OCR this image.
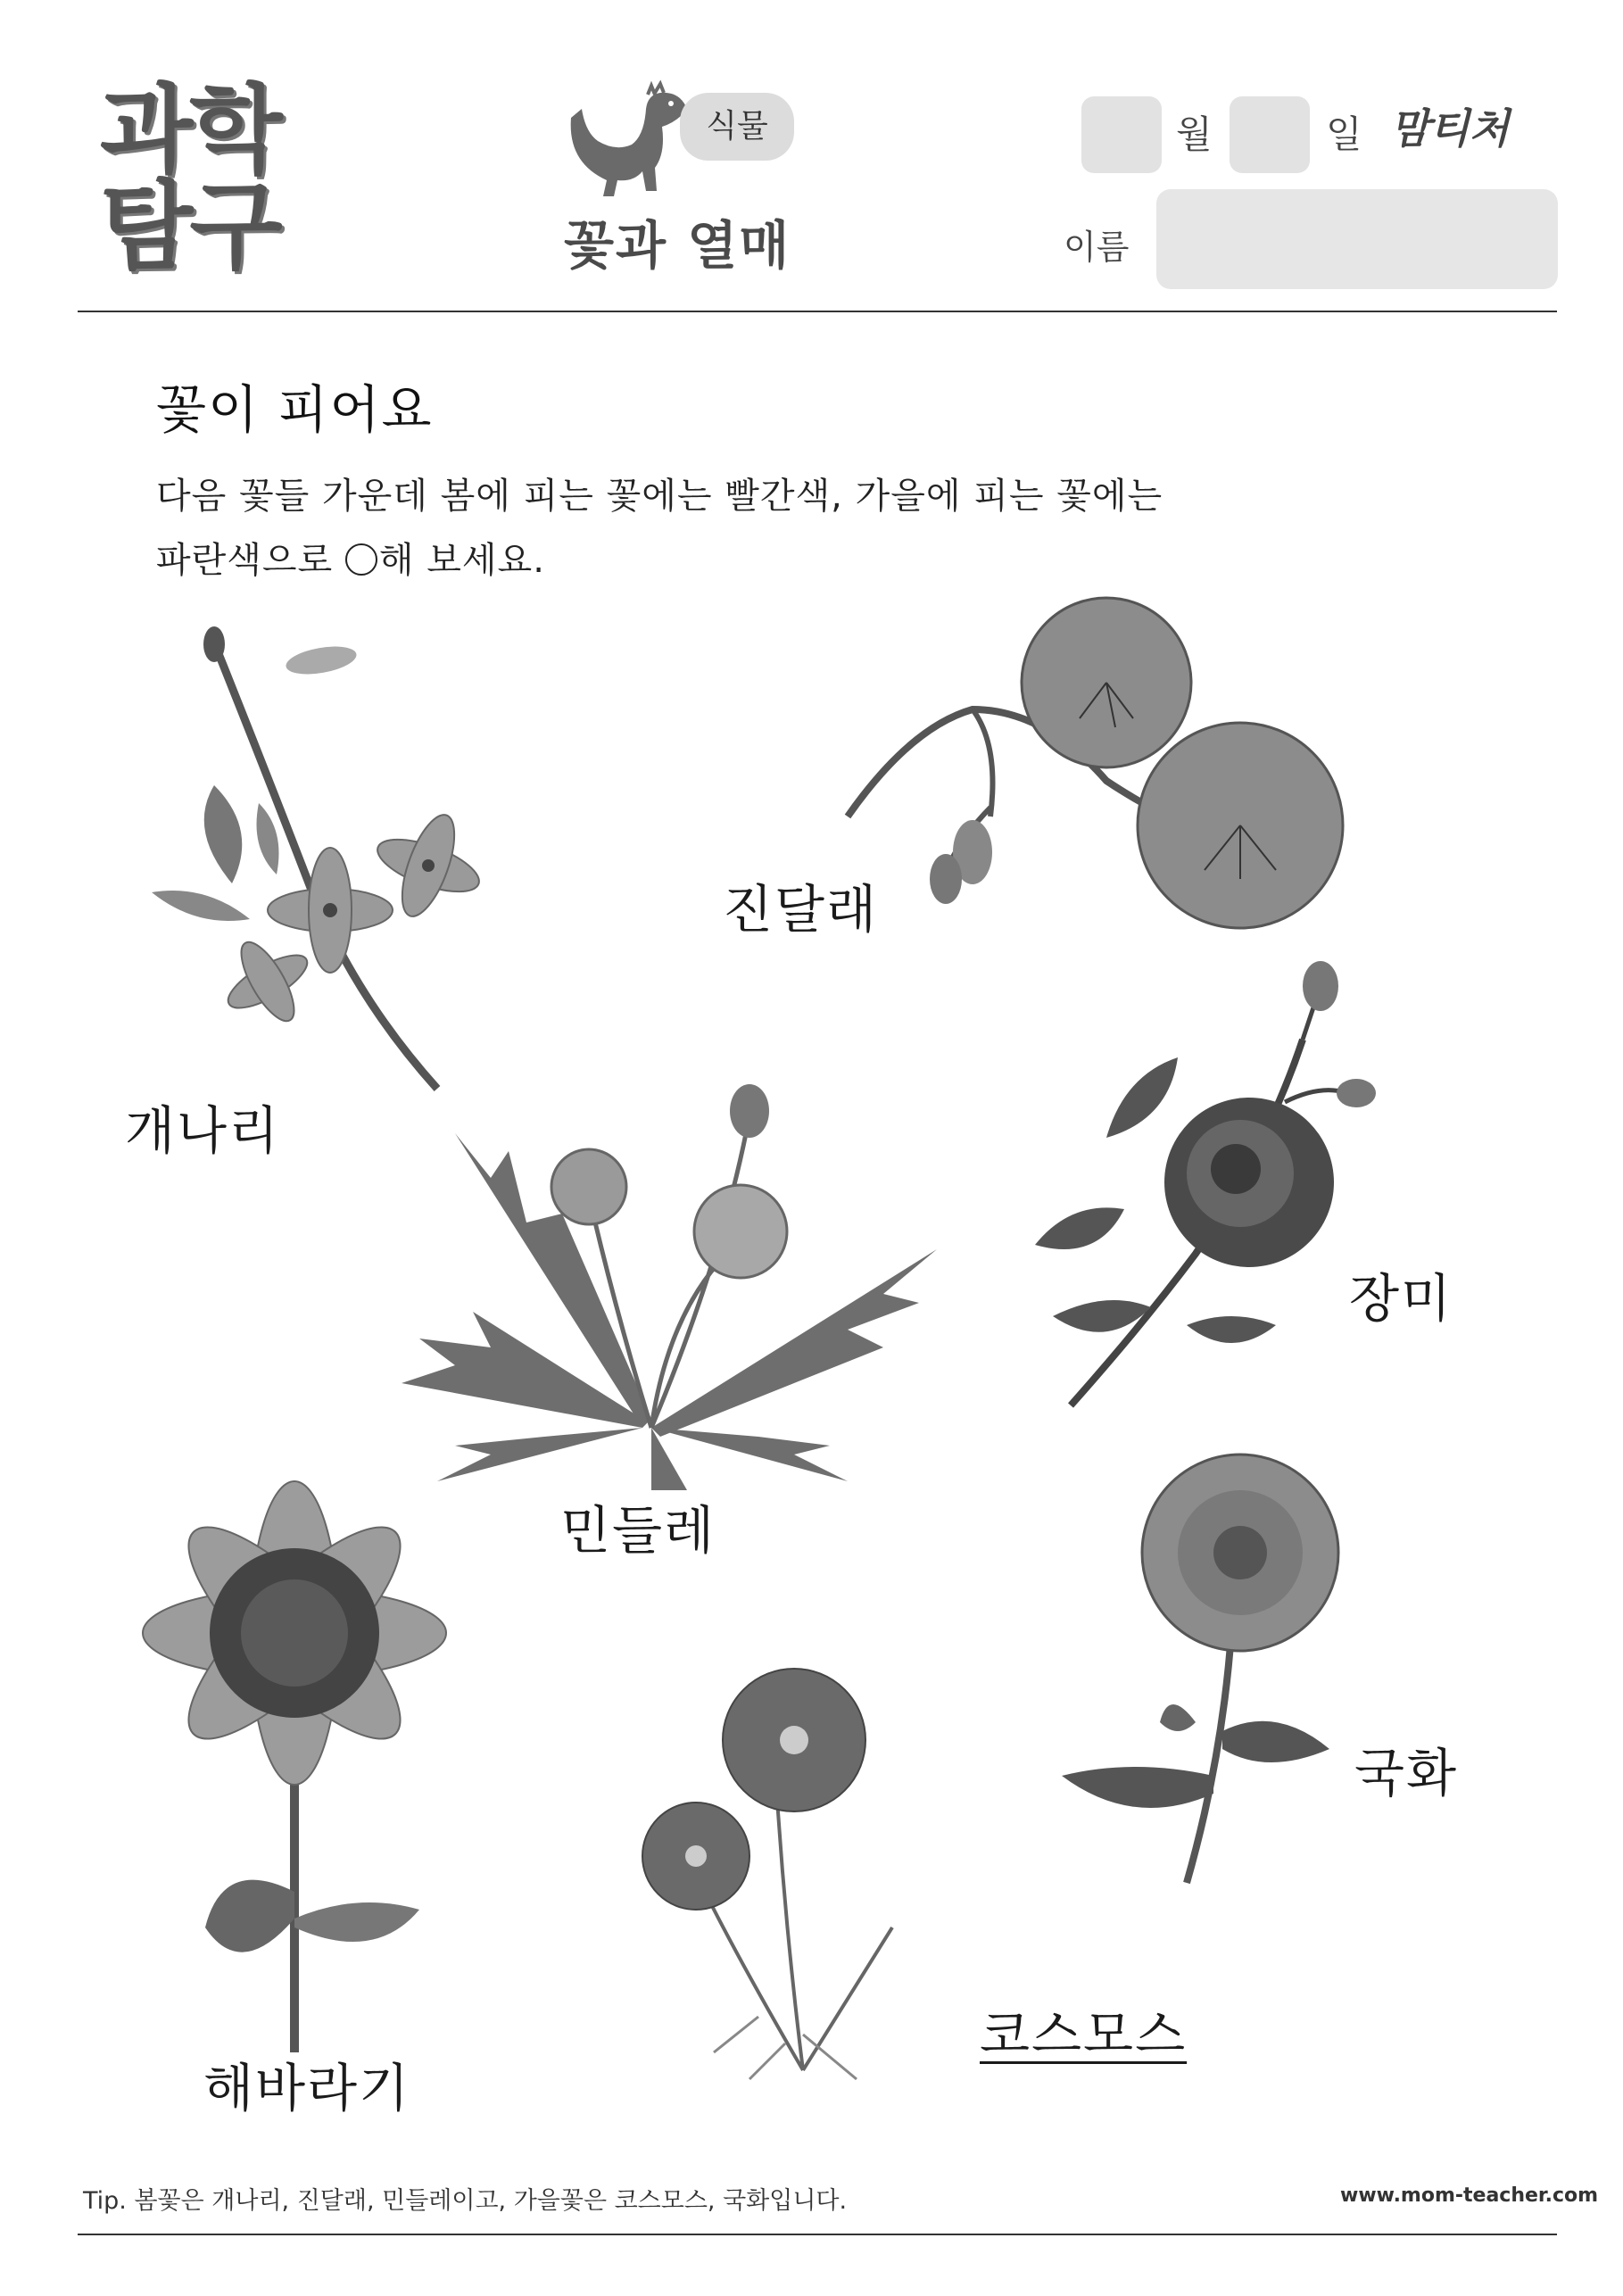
과학
탐구
식물
꽃과 열매
월	일 맘티처
이름
꽃이 피어요
다음 꽃들 가운데 봄에 피는 꽃에는 빨간색, 가을에 피는 꽃에는
파란색으로 해 보세요.
개나리
진달래
민들레
장미
해바라기
코스모스
국화
Tip. 봄꽃은 개나리, 진달래, 민들레이고, 가을꽃은 코스모스, 국화입니다.	www.mom-teacher.com
